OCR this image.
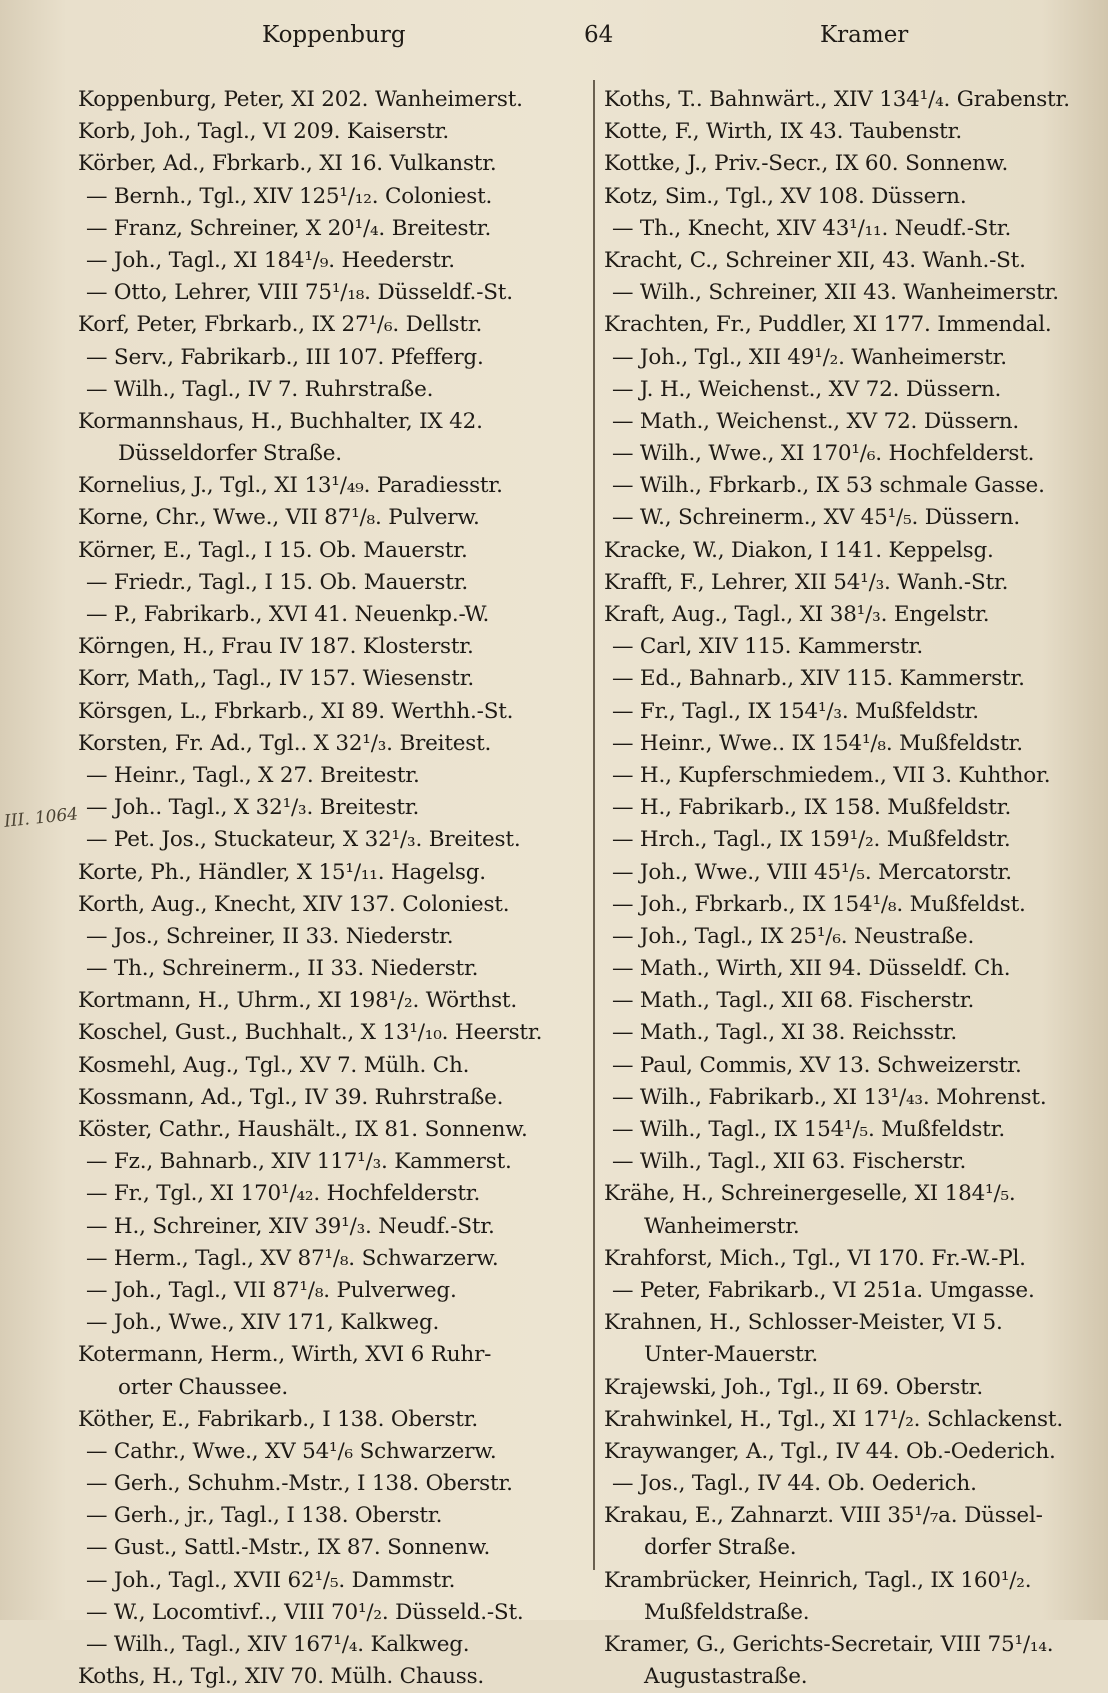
Koppenburg	64	Kramer
III. 1064
Koppenburg, Peter, XI 202. Wanheimerst.
Korb, Joh., Tagl., VI 209. Kaiserstr.
Körber, Ad., Fbrkarb., XI 16. Vulkanstr.
— Bernh., Tgl., XIV 125¹/₁₂. Coloniest.
— Franz, Schreiner, X 20¹/₄. Breitestr.
— Joh., Tagl., XI 184¹/₉. Heederstr.
— Otto, Lehrer, VIII 75¹/₁₈. Düsseldf.-St.
Korf, Peter, Fbrkarb., IX 27¹/₆. Dellstr.
— Serv., Fabrikarb., III 107. Pfefferg.
— Wilh., Tagl., IV 7. Ruhrstraße.
Kormannshaus, H., Buchhalter, IX 42.
Düsseldorfer Straße.
Kornelius, J., Tgl., XI 13¹/₄₉. Paradiesstr.
Korne, Chr., Wwe., VII 87¹/₈. Pulverw.
Körner, E., Tagl., I 15. Ob. Mauerstr.
— Friedr., Tagl., I 15. Ob. Mauerstr.
— P., Fabrikarb., XVI 41. Neuenkp.-W.
Körngen, H., Frau IV 187. Klosterstr.
Korr, Math,, Tagl., IV 157. Wiesenstr.
Körsgen, L., Fbrkarb., XI 89. Werthh.-St.
Korsten, Fr. Ad., Tgl.. X 32¹/₃. Breitest.
— Heinr., Tagl., X 27. Breitestr.
— Joh.. Tagl., X 32¹/₃. Breitestr.
— Pet. Jos., Stuckateur, X 32¹/₃. Breitest.
Korte, Ph., Händler, X 15¹/₁₁. Hagelsg.
Korth, Aug., Knecht, XIV 137. Coloniest.
— Jos., Schreiner, II 33. Niederstr.
— Th., Schreinerm., II 33. Niederstr.
Kortmann, H., Uhrm., XI 198¹/₂. Wörthst.
Koschel, Gust., Buchhalt., X 13¹/₁₀. Heerstr.
Kosmehl, Aug., Tgl., XV 7. Mülh. Ch.
Kossmann, Ad., Tgl., IV 39. Ruhrstraße.
Köster, Cathr., Haushält., IX 81. Sonnenw.
— Fz., Bahnarb., XIV 117¹/₃. Kammerst.
— Fr., Tgl., XI 170¹/₄₂. Hochfelderstr.
— H., Schreiner, XIV 39¹/₃. Neudf.-Str.
— Herm., Tagl., XV 87¹/₈. Schwarzerw.
— Joh., Tagl., VII 87¹/₈. Pulverweg.
— Joh., Wwe., XIV 171, Kalkweg.
Kotermann, Herm., Wirth, XVI 6 Ruhr-
orter Chaussee.
Köther, E., Fabrikarb., I 138. Oberstr.
— Cathr., Wwe., XV 54¹/₆ Schwarzerw.
— Gerh., Schuhm.-Mstr., I 138. Oberstr.
— Gerh., jr., Tagl., I 138. Oberstr.
— Gust., Sattl.-Mstr., IX 87. Sonnenw.
— Joh., Tagl., XVII 62¹/₅. Dammstr.
— W., Locomtivf.., VIII 70¹/₂. Düsseld.-St.
— Wilh., Tagl., XIV 167¹/₄. Kalkweg.
Koths, H., Tgl., XIV 70. Mülh. Chauss.
Koths, T.. Bahnwärt., XIV 134¹/₄. Grabenstr.
Kotte, F., Wirth, IX 43. Taubenstr.
Kottke, J., Priv.-Secr., IX 60. Sonnenw.
Kotz, Sim., Tgl., XV 108. Düssern.
— Th., Knecht, XIV 43¹/₁₁. Neudf.-Str.
Kracht, C., Schreiner XII, 43. Wanh.-St.
— Wilh., Schreiner, XII 43. Wanheimerstr.
Krachten, Fr., Puddler, XI 177. Immendal.
— Joh., Tgl., XII 49¹/₂. Wanheimerstr.
— J. H., Weichenst., XV 72. Düssern.
— Math., Weichenst., XV 72. Düssern.
— Wilh., Wwe., XI 170¹/₆. Hochfelderst.
— Wilh., Fbrkarb., IX 53 schmale Gasse.
— W., Schreinerm., XV 45¹/₅. Düssern.
Kracke, W., Diakon, I 141. Keppelsg.
Krafft, F., Lehrer, XII 54¹/₃. Wanh.-Str.
Kraft, Aug., Tagl., XI 38¹/₃. Engelstr.
— Carl, XIV 115. Kammerstr.
— Ed., Bahnarb., XIV 115. Kammerstr.
— Fr., Tagl., IX 154¹/₃. Mußfeldstr.
— Heinr., Wwe.. IX 154¹/₈. Mußfeldstr.
— H., Kupferschmiedem., VII 3. Kuhthor.
— H., Fabrikarb., IX 158. Mußfeldstr.
— Hrch., Tagl., IX 159¹/₂. Mußfeldstr.
— Joh., Wwe., VIII 45¹/₅. Mercatorstr.
— Joh., Fbrkarb., IX 154¹/₈. Mußfeldst.
— Joh., Tagl., IX 25¹/₆. Neustraße.
— Math., Wirth, XII 94. Düsseldf. Ch.
— Math., Tagl., XII 68. Fischerstr.
— Math., Tagl., XI 38. Reichsstr.
— Paul, Commis, XV 13. Schweizerstr.
— Wilh., Fabrikarb., XI 13¹/₄₃. Mohrenst.
— Wilh., Tagl., IX 154¹/₅. Mußfeldstr.
— Wilh., Tagl., XII 63. Fischerstr.
Krähe, H., Schreinergeselle, XI 184¹/₅.
Wanheimerstr.
Krahforst, Mich., Tgl., VI 170. Fr.-W.-Pl.
— Peter, Fabrikarb., VI 251a. Umgasse.
Krahnen, H., Schlosser-Meister, VI 5.
Unter-Mauerstr.
Krajewski, Joh., Tgl., II 69. Oberstr.
Krahwinkel, H., Tgl., XI 17¹/₂. Schlackenst.
Kraywanger, A., Tgl., IV 44. Ob.-Oederich.
— Jos., Tagl., IV 44. Ob. Oederich.
Krakau, E., Zahnarzt. VIII 35¹/₇a. Düssel-
dorfer Straße.
Krambrücker, Heinrich, Tagl., IX 160¹/₂.
Mußfeldstraße.
Kramer, G., Gerichts-Secretair, VIII 75¹/₁₄.
Augustastraße.
